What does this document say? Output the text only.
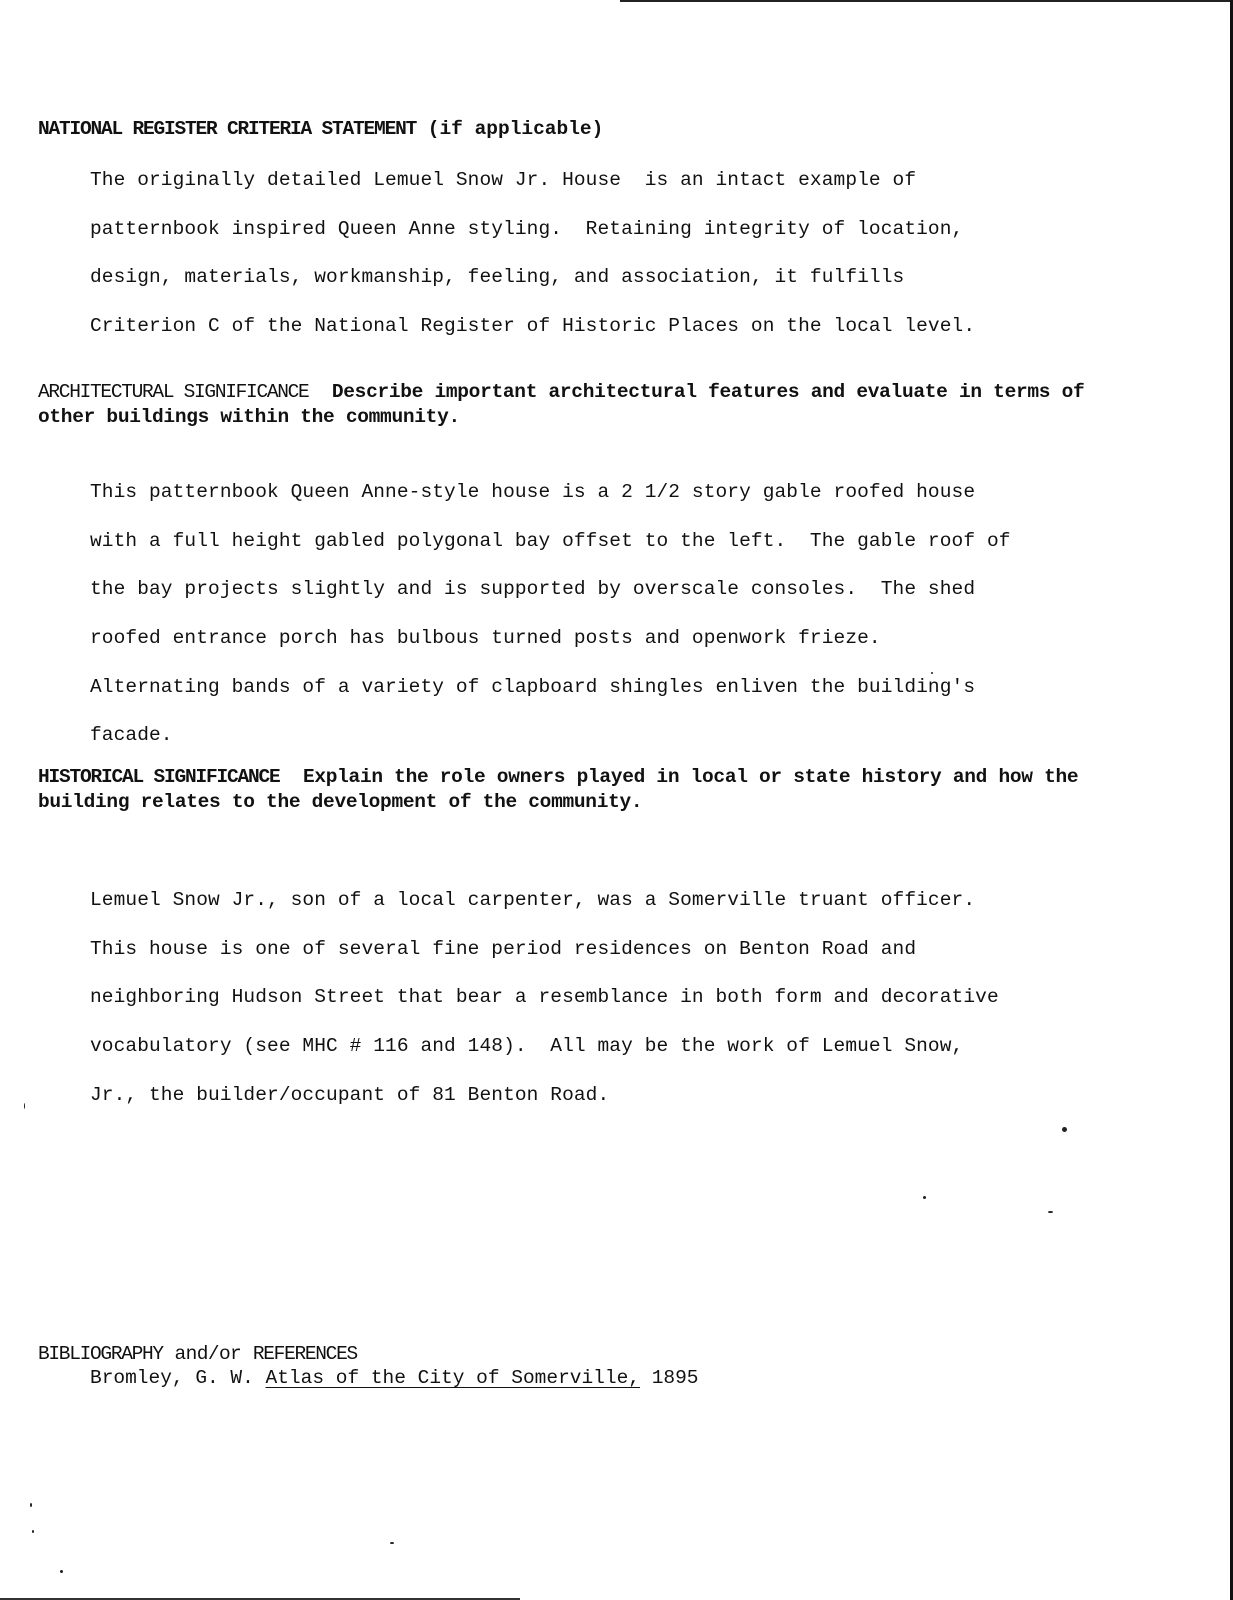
NATIONAL REGISTER CRITERIA STATEMENT (if applicable)

The originally detailed Lemuel Snow Jr. House  is an intact example of

patternbook inspired Queen Anne styling.  Retaining integrity of location,

design, materials, workmanship, feeling, and association, it fulfills

Criterion C of the National Register of Historic Places on the local level.

ARCHITECTURAL SIGNIFICANCE Describe important architectural features and evaluate in terms of
other buildings within the community.

This patternbook Queen Anne-style house is a 2 1/2 story gable roofed house

with a full height gabled polygonal bay offset to the left.  The gable roof of

the bay projects slightly and is supported by overscale consoles.  The shed

roofed entrance porch has bulbous turned posts and openwork frieze.

Alternating bands of a variety of clapboard shingles enliven the building's

facade.

HISTORICAL SIGNIFICANCE Explain the role owners played in local or state history and how the
building relates to the development of the community.

Lemuel Snow Jr., son of a local carpenter, was a Somerville truant officer.

This house is one of several fine period residences on Benton Road and

neighboring Hudson Street that bear a resemblance in both form and decorative

vocabulatory (see MHC # 116 and 148).  All may be the work of Lemuel Snow,

Jr., the builder/occupant of 81 Benton Road.

BIBLIOGRAPHY and/or REFERENCES
Bromley, G. W. Atlas of the City of Somerville, 1895
